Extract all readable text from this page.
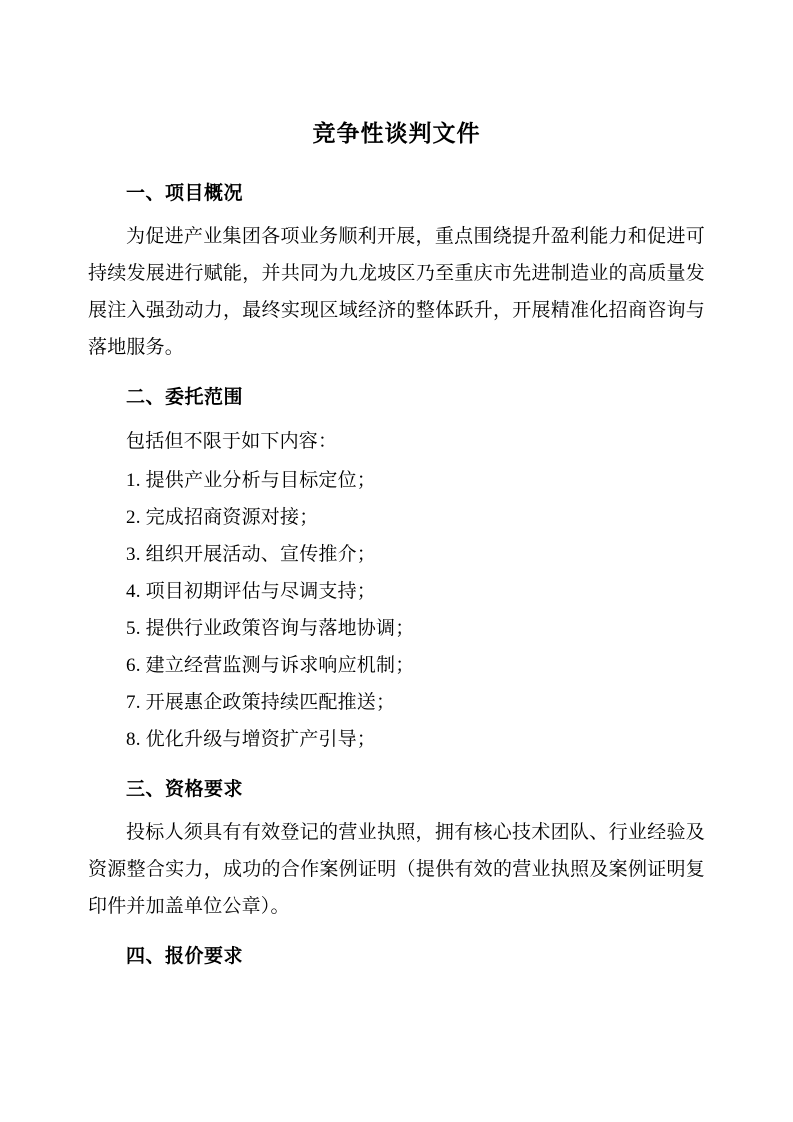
竞争性谈判文件
一、项目概况

为促进产业集团各项业务顺利开展，重点围绕提升盈利能力和促进可持续发展进行赋能，并共同为九龙坡区乃至重庆市先进制造业的高质量发展注入强劲动力，最终实现区域经济的整体跃升，开展精准化招商咨询与落地服务。

二、委托范围

包括但不限于如下内容：

1. 提供产业分析与目标定位；
2. 完成招商资源对接；
3. 组织开展活动、宣传推介；
4. 项目初期评估与尽调支持；
5. 提供行业政策咨询与落地协调；
6. 建立经营监测与诉求响应机制；
7. 开展惠企政策持续匹配推送；
8. 优化升级与增资扩产引导；
三、资格要求

投标人须具有有效登记的营业执照，拥有核心技术团队、行业经验及资源整合实力，成功的合作案例证明（提供有效的营业执照及案例证明复印件并加盖单位公章）。

四、报价要求
